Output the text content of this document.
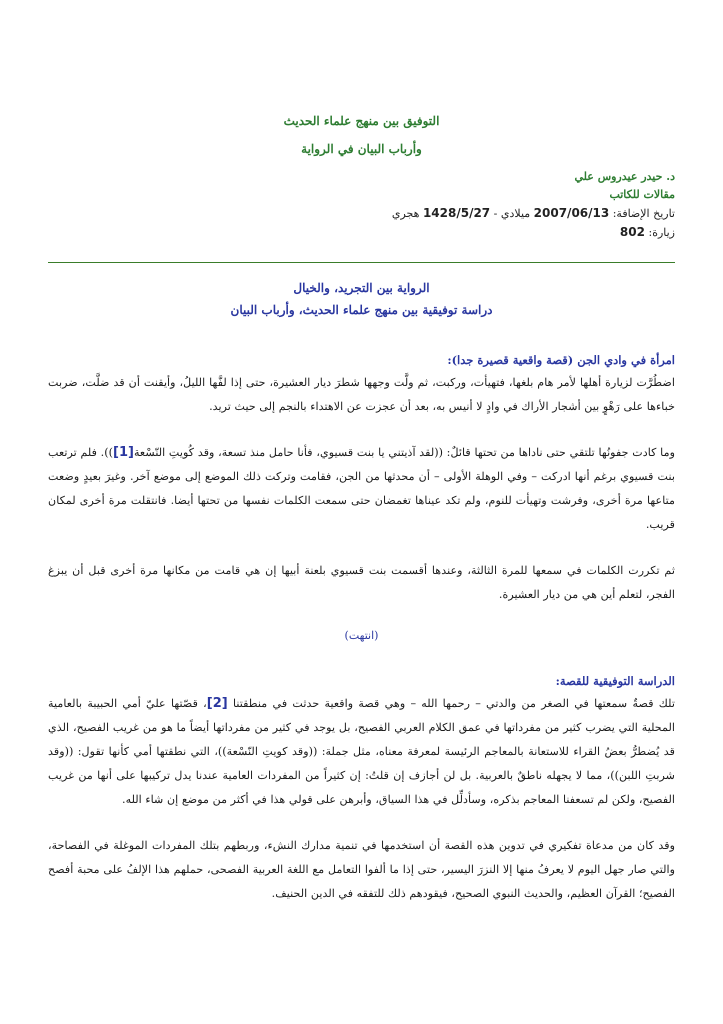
التوفيق بين منهج علماء الحديث
وأرباب البيان في الرواية
د. حيدر عيدروس علي
مقالات للكاتب
تاريخ الإضافة: 2007/06/13 ميلادي - 1428/5/27 هجري
زيارة: 802
الرواية بين التجريد، والخيال
دراسة توفيقية بين منهج علماء الحديث، وأرباب البيان
امرأة في وادي الجن (قصة واقعية قصيرة جدا):

اضطُرَّت لزيارة أهلها لأمر هام بلغها، فتهيأت، وركبت، ثم ولَّت وجهها شطرَ ديار العشيرة، حتى إذا لفَّها الليلُ، وأيقنت أن قد ضلَّت، ضربت خباءها على رَهْوٍ بين أشجار الأراك في وادٍ لا أنيس به، بعد أن عجزت عن الاهتداء بالنجم إلى حيث تريد.

وما كادت جفونُها تلتقي حتى ناداها من تحتها قائلٌ: ((لقد آذيتني يا بنت قسيوي، فأنا حامل منذ تسعة، وقد كُويتِ النّسْعة[1])). فلم ترتعب بنت قسيوي برغم أنها ادركت – وفي الوهلة الأولى – أن محدثها من الجن، فقامت وتركت ذلك الموضع إلى موضع آخر. وغيرَ بعيدٍ وضعت متاعها مرة أخرى، وفرشت وتهيأت للنوم، ولم تكد عيناها تغمضان حتى سمعت الكلمات نفسها من تحتها أيضا. فانتقلت مرة أخرى لمكان قريب.

ثم تكررت الكلمات في سمعها للمرة الثالثة، وعندها أقسمت بنت قسيوي بلعنة أبيها إن هي قامت من مكانها مرة أخرى قبل أن يبزغ الفجر، لتعلم أين هي من ديار العشيرة.

(انتهت)
الدراسة التوفيقية للقصة:

تلك قصةٌ سمعتها في الصغر من والدتي – رحمها الله – وهي قصة واقعية حدثت في منطقتنا [2]، قصّتها عليّ أمي الحبيبة بالعامية المحلية التي يضرب كثير من مفرداتها في عمق الكلام العربي الفصيح، بل يوجد في كثير من مفرداتها أيضاً ما هو من غريب الفصيح، الذي قد يُضطرُّ بعضُ القراء للاستعانة بالمعاجم الرئيسة لمعرفة معناه، مثل جملة: ((وقد كويتِ النّسْعة))، التي نطقتها أمي كأنها تقول: ((وقد شربتِ اللبن))، مما لا يجهله ناطقٌ بالعربية. بل لن أجازف إن قلتُ: إن كثيراً من المفردات العامية عندنا يدل تركيبها على أنها من غريب الفصيح، ولكن لم تسعفنا المعاجم بذكره، وسأدلِّل في هذا السياق، وأبرهن على قولي هذا في أكثر من موضع إن شاء الله.

وقد كان من مدعاة تفكيري في تدوين هذه القصة أن استخدمها في تنمية مدارك النشء، وربطهم بتلك المفردات الموغلة في الفصاحة، والتي صار جهل اليوم لا يعرفُ منها إلا النزرَ اليسير، حتى إذا ما ألفوا التعامل مع اللغة العربية الفصحى، حملهم هذا الإلفُ على محبة أفصح الفصيح؛ القرآن العظيم، والحديث النبوي الصحيح، فيقودهم ذلك للتفقه في الدين الحنيف.
